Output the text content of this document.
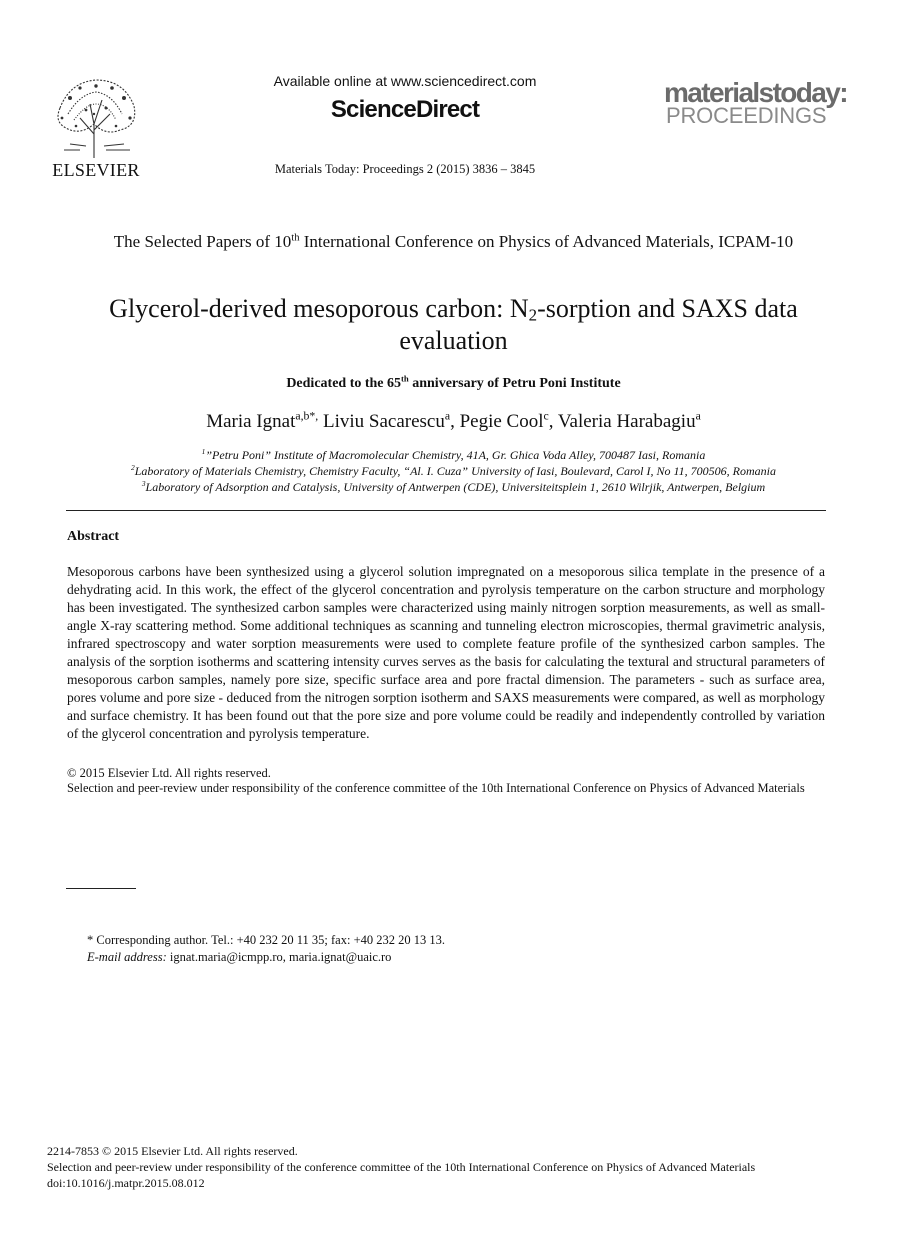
ELSEVIER
Available online at www.sciencedirect.com
ScienceDirect
Materials Today: Proceedings 2 (2015) 3836 – 3845
materialstoday:
PROCEEDINGS
The Selected Papers of 10th International Conference on Physics of Advanced Materials, ICPAM-10
Glycerol-derived mesoporous carbon: $N_2$-sorption and SAXS data evaluation
Dedicated to the 65th anniversary of Petru Poni Institute
Maria Ignat$^{a,b*,}$ Liviu Sacarescu$^a$, Pegie Cool$^c$, Valeria Harabagiu$^a$
$^1$”Petru Poni” Institute of Macromolecular Chemistry, 41A, Gr. Ghica Voda Alley, 700487 Iasi, Romania
$^2$Laboratory of Materials Chemistry, Chemistry Faculty, “Al. I. Cuza” University of Iasi, Boulevard, Carol I, No 11, 700506, Romania
$^3$Laboratory of Adsorption and Catalysis, University of Antwerpen (CDE), Universiteitsplein 1, 2610 Wilrjik, Antwerpen, Belgium
Abstract
Mesoporous carbons have been synthesized using a glycerol solution impregnated on a mesoporous silica template in the presence of a dehydrating acid. In this work, the effect of the glycerol concentration and pyrolysis temperature on the carbon structure and morphology has been investigated. The synthesized carbon samples were characterized using mainly nitrogen sorption measurements, as well as small-angle X-ray scattering method. Some additional techniques as scanning and tunneling electron microscopies, thermal gravimetric analysis, infrared spectroscopy and water sorption measurements were used to complete feature profile of the synthesized carbon samples. The analysis of the sorption isotherms and scattering intensity curves serves as the basis for calculating the textural and structural parameters of mesoporous carbon samples, namely pore size, specific surface area and pore fractal dimension. The parameters - such as surface area, pores volume and pore size - deduced from the nitrogen sorption isotherm and SAXS measurements were compared, as well as morphology and surface chemistry. It has been found out that the pore size and pore volume could be readily and independently controlled by variation of the glycerol concentration and pyrolysis temperature.
© 2015 Elsevier Ltd. All rights reserved.
Selection and peer-review under responsibility of the conference committee of the 10th International Conference on Physics of Advanced Materials
* Corresponding author. Tel.: +40 232 20 11 35; fax: +40 232 20 13 13.
E-mail address: ignat.maria@icmpp.ro, maria.ignat@uaic.ro
2214-7853 © 2015 Elsevier Ltd. All rights reserved.
Selection and peer-review under responsibility of the conference committee of the 10th International Conference on Physics of Advanced Materials
doi:10.1016/j.matpr.2015.08.012
